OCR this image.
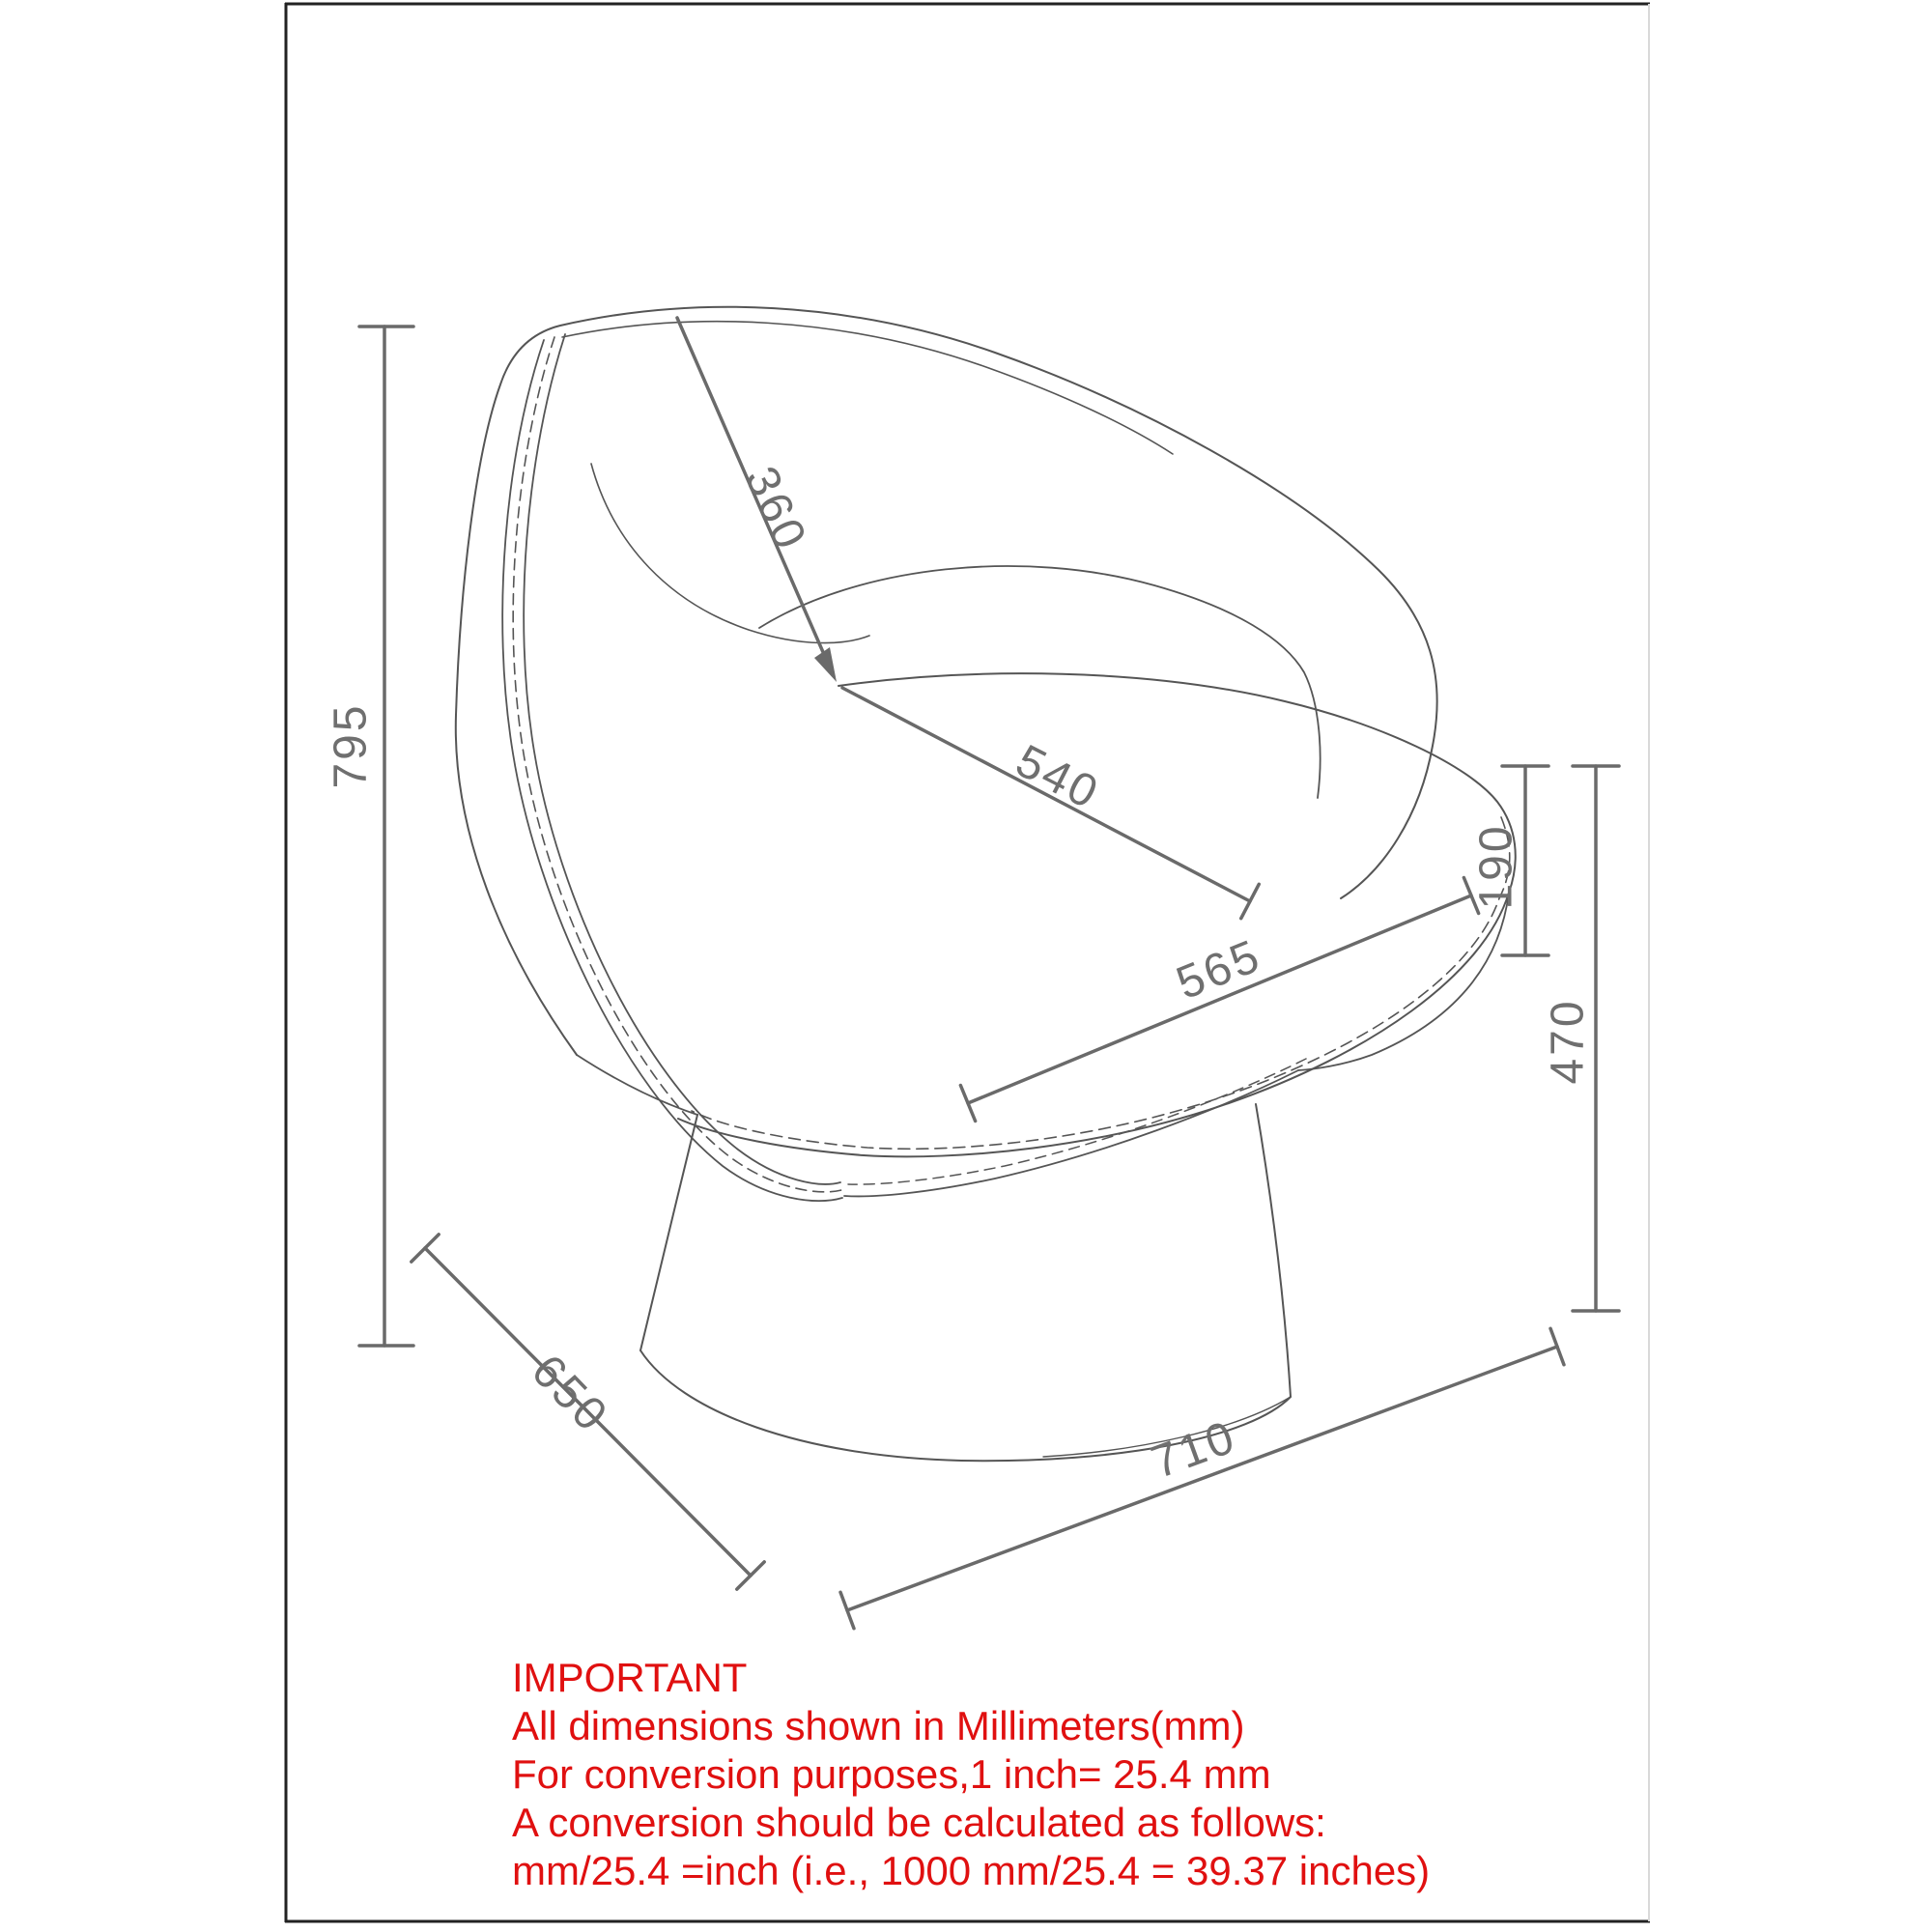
795
360
540
565
190
470
650
710
IMPORTANT
All dimensions shown in Millimeters(mm)
For conversion purposes,1 inch= 25.4 mm
A conversion should be calculated as follows:
mm/25.4 =inch (i.e., 1000 mm/25.4 = 39.37 inches)
